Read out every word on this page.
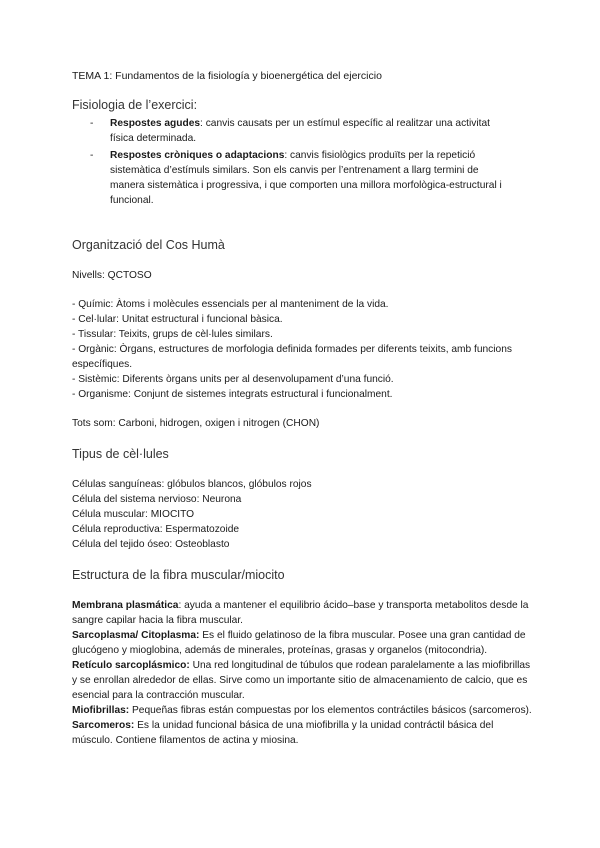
TEMA 1: Fundamentos de la fisiología y bioenergética del ejercicio

Fisiologia de l’exercici:
-	Respostes agudes: canvis causats per un estímul específic al realitzar una activitat física determinada.
-	Respostes cròniques o adaptacions: canvis fisiològics produïts per la repetició sistemàtica d’estímuls similars. Son els canvis per l’entrenament a llarg termini de manera sistemàtica i progressiva, i que comporten una millora morfològica-estructural i funcional.
Organització del Cos Humà

Nivells: QCTOSO

- Químic: Àtoms i molècules essencials per al manteniment de la vida.
- Cel·lular: Unitat estructural i funcional bàsica.
- Tissular: Teixits, grups de cèl·lules similars.
- Orgànic: Òrgans, estructures de morfologia definida formades per diferents teixits, amb funcions específiques.
- Sistèmic: Diferents òrgans units per al desenvolupament d’una funció.
- Organisme: Conjunt de sistemes integrats estructural i funcionalment.

Tots som: Carboni, hidrogen, oxigen i nitrogen (CHON)

Tipus de cèl·lules
Células sanguíneas: glóbulos blancos, glóbulos rojos
Célula del sistema nervioso: Neurona
Célula muscular: MIOCITO
Célula reproductiva: Espermatozoide
Célula del tejido óseo: Osteoblasto
Estructura de la fibra muscular/miocito

Membrana plasmática: ayuda a mantener el equilibrio ácido–base y transporta metabolitos desde la sangre capilar hacia la fibra muscular.

Sarcoplasma/ Citoplasma: Es el fluido gelatinoso de la fibra muscular. Posee una gran cantidad de glucógeno y mioglobina, además de minerales, proteínas, grasas y organelos (mitocondria).

Retículo sarcoplásmico: Una red longitudinal de túbulos que rodean paralelamente a las miofibrillas y se enrollan alrededor de ellas. Sirve como un importante sitio de almacenamiento de calcio, que es esencial para la contracción muscular.

Miofibrillas: Pequeñas fibras están compuestas por los elementos contráctiles básicos (sarcomeros).

Sarcomeros: Es la unidad funcional básica de una miofibrilla y la unidad contráctil básica del músculo. Contiene filamentos de actina y miosina.
